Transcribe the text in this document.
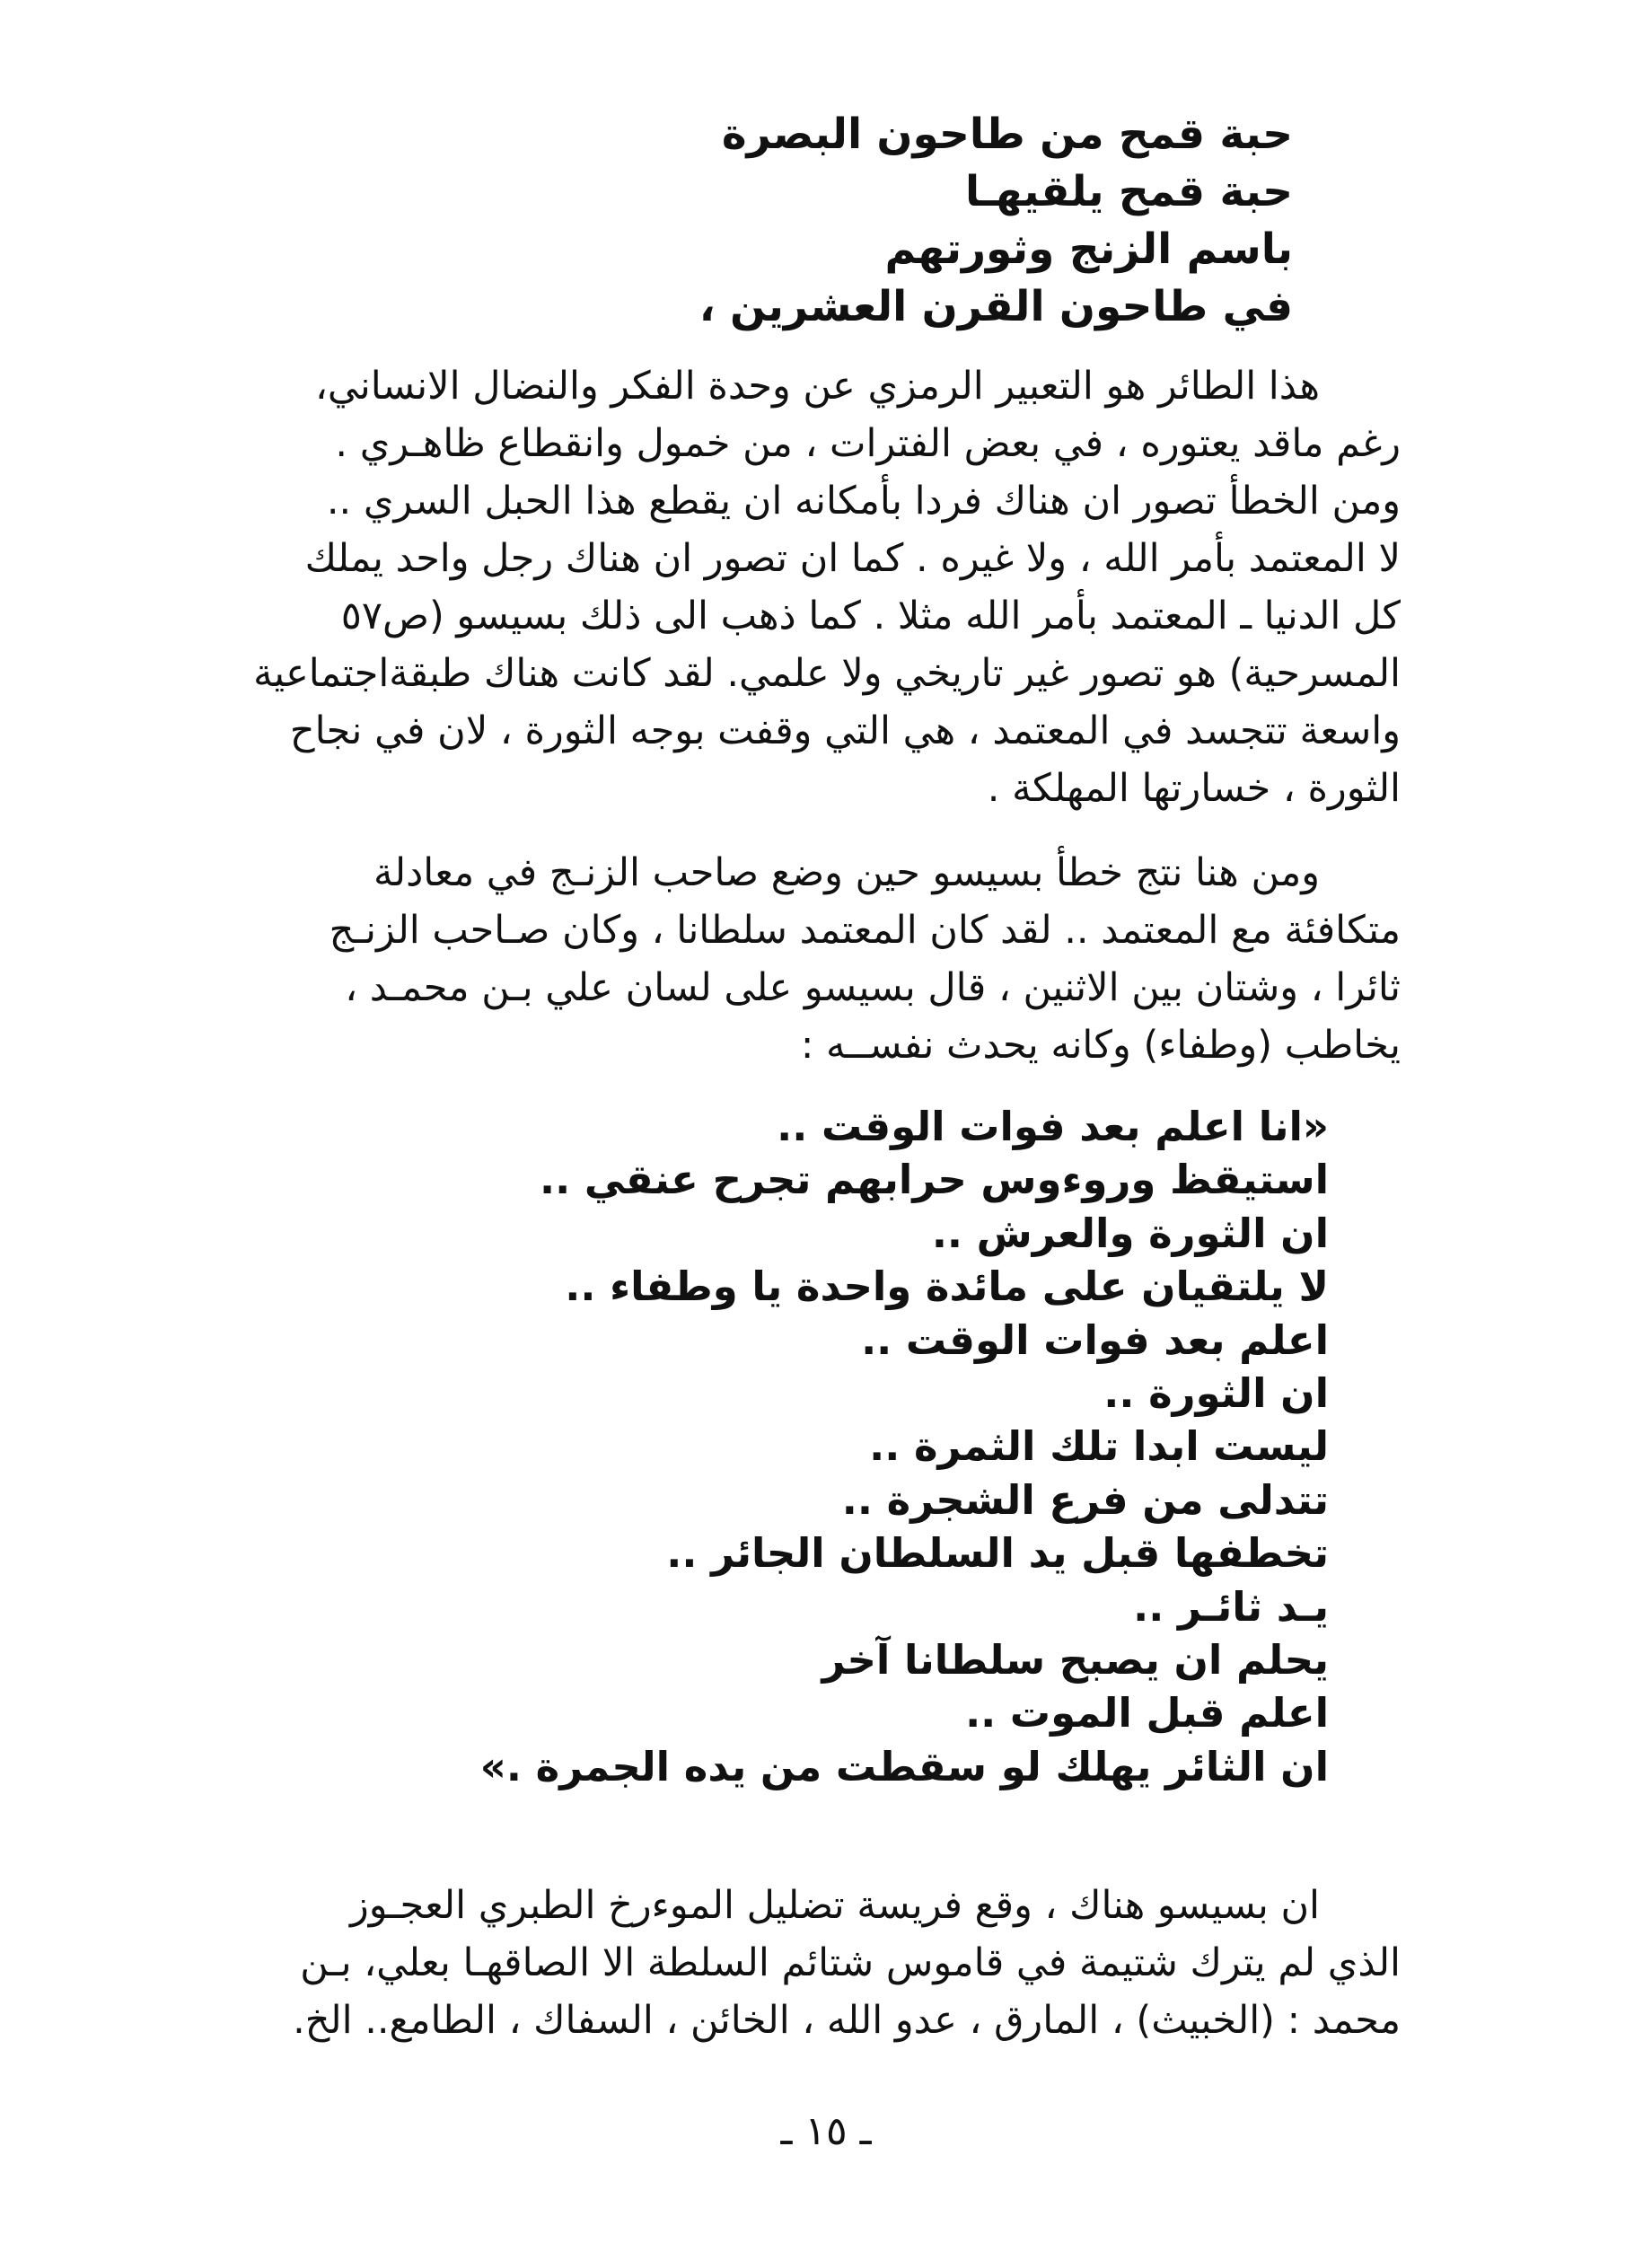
حبة قمح من طاحون البصرة
حبة قمح يلقيهـا
باسم الزنج وثورتهم
في طاحون القرن العشرين ،
هذا الطائر هو التعبير الرمزي عن وحدة الفكر والنضال الانساني،
رغم ماقد يعتوره ، في بعض الفترات ، من خمول وانقطاع ظاهـري .
ومن الخطأ تصور ان هناك فردا بأمكانه ان يقطع هذا الحبل السري ..
لا المعتمد بأمر الله ، ولا غيره . كما ان تصور ان هناك رجل واحد يملك
كل الدنيا ـ المعتمد بأمر الله مثلا . كما ذهب الى ذلك بسيسو (ص٥٧
المسرحية) هو تصور غير تاريخي ولا علمي. لقد كانت هناك طبقةاجتماعية
واسعة تتجسد في المعتمد ، هي التي وقفت بوجه الثورة ، لان في نجاح
الثورة ، خسارتها المهلكة .
ومن هنا نتج خطأ بسيسو حين وضع صاحب الزنـج في معادلة
متكافئة مع المعتمد .. لقد كان المعتمد سلطانا ، وكان صـاحب الزنـج
ثائرا ، وشتان بين الاثنين ، قال بسيسو على لسان علي بـن محمـد ،
يخاطب (وطفاء) وكانه يحدث نفســه :
«انا اعلم بعد فوات الوقت ..
استيقظ وروءوس حرابهم تجرح عنقي ..
ان الثورة والعرش ..
لا يلتقيان على مائدة واحدة يا وطفاء ..
اعلم بعد فوات الوقت ..
ان الثورة ..
ليست ابدا تلك الثمرة ..
تتدلى من فرع الشجرة ..
تخطفها قبل يد السلطان الجائر ..
يـد ثائـر ..
يحلم ان يصبح سلطانا آخر
اعلم قبل الموت ..
ان الثائر يهلك لو سقطت من يده الجمرة .»
ان بسيسو هناك ، وقع فريسة تضليل الموءرخ الطبري العجـوز
الذي لم يترك شتيمة في قاموس شتائم السلطة الا الصاقهـا بعلي، بـن
محمد : (الخبيث) ، المارق ، عدو الله ، الخائن ، السفاك ، الطامع.. الخ.
ـ ١٥ ـ
